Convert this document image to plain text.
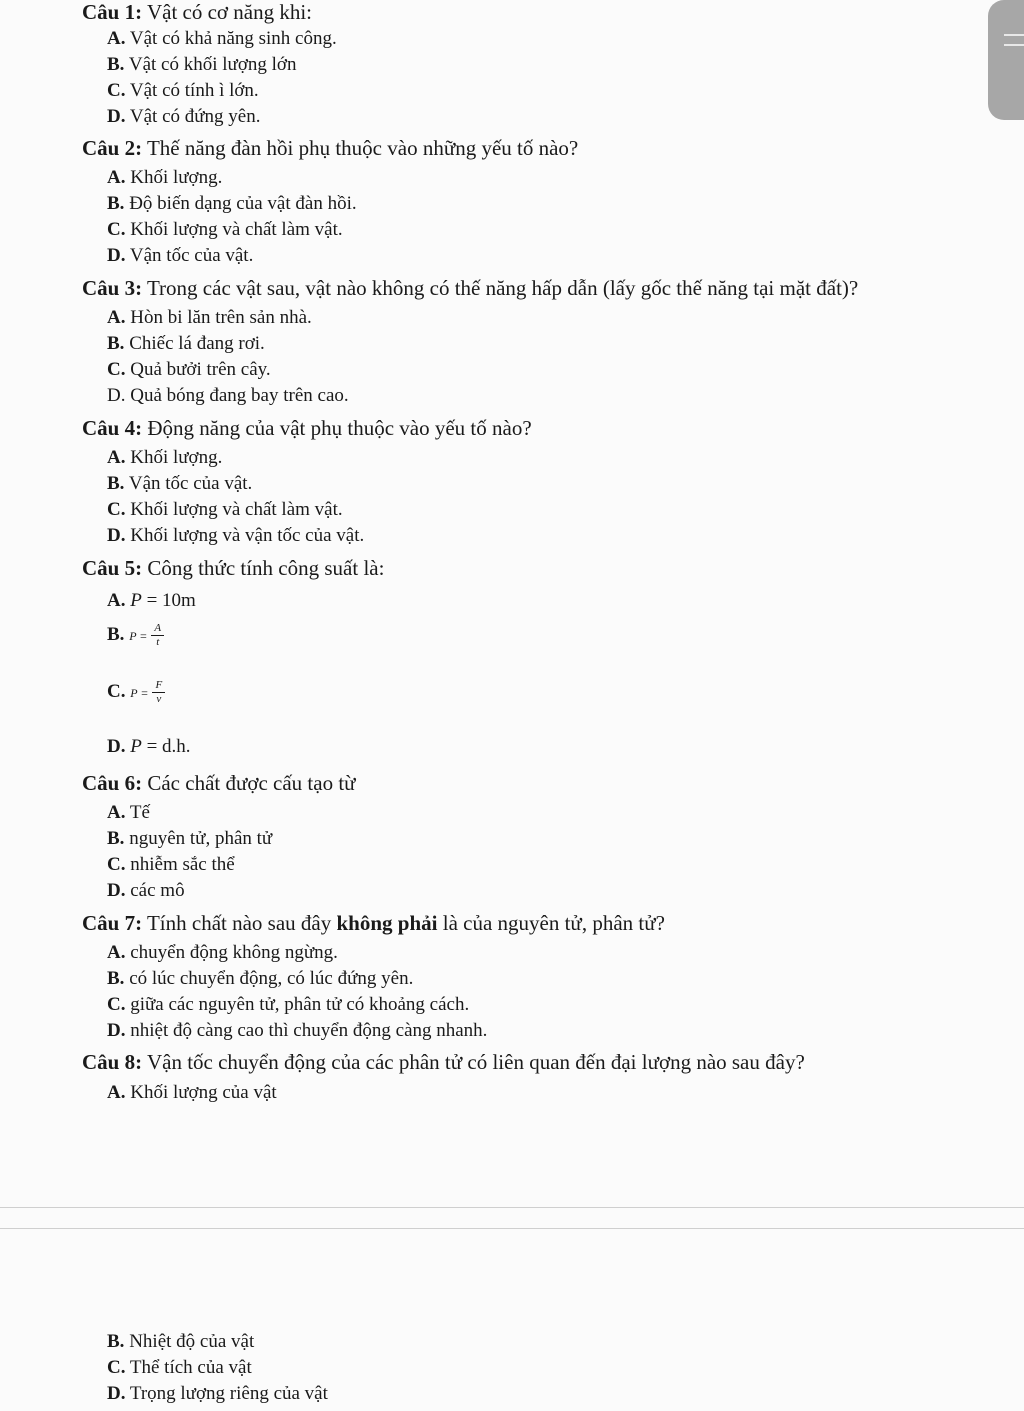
Câu 1: Vật có cơ năng khi:
A. Vật có khả năng sinh công.
B. Vật có khối lượng lớn
C. Vật có tính ì lớn.
D. Vật có đứng yên.
Câu 2: Thế năng đàn hồi phụ thuộc vào những yếu tố nào?
A. Khối lượng.
B. Độ biến dạng của vật đàn hồi.
C. Khối lượng và chất làm vật.
D. Vận tốc của vật.
Câu 3: Trong các vật sau, vật nào không có thế năng hấp dẫn (lấy gốc thế năng tại mặt đất)?
A. Hòn bi lăn trên sản nhà.
B. Chiếc lá đang rơi.
C. Quả bưởi trên cây.
D. Quả bóng đang bay trên cao.
Câu 4: Động năng của vật phụ thuộc vào yếu tố nào?
A. Khối lượng.
B. Vận tốc của vật.
C. Khối lượng và chất làm vật.
D. Khối lượng và vận tốc của vật.
Câu 5: Công thức tính công suất là:
A. P = 10m
B. $P = \frac{A}{t}$
C. $P = \frac{F}{v}$
D. P = d.h.
Câu 6: Các chất được cấu tạo từ
A. Tế
B. nguyên tử, phân tử
C. nhiễm sắc thể
D. các mô
Câu 7: Tính chất nào sau đây không phải là của nguyên tử, phân tử?
A. chuyển động không ngừng.
B. có lúc chuyển động, có lúc đứng yên.
C. giữa các nguyên tử, phân tử có khoảng cách.
D. nhiệt độ càng cao thì chuyển động càng nhanh.
Câu 8: Vận tốc chuyển động của các phân tử có liên quan đến đại lượng nào sau đây?
A. Khối lượng của vật
B. Nhiệt độ của vật
C. Thể tích của vật
D. Trọng lượng riêng của vật
